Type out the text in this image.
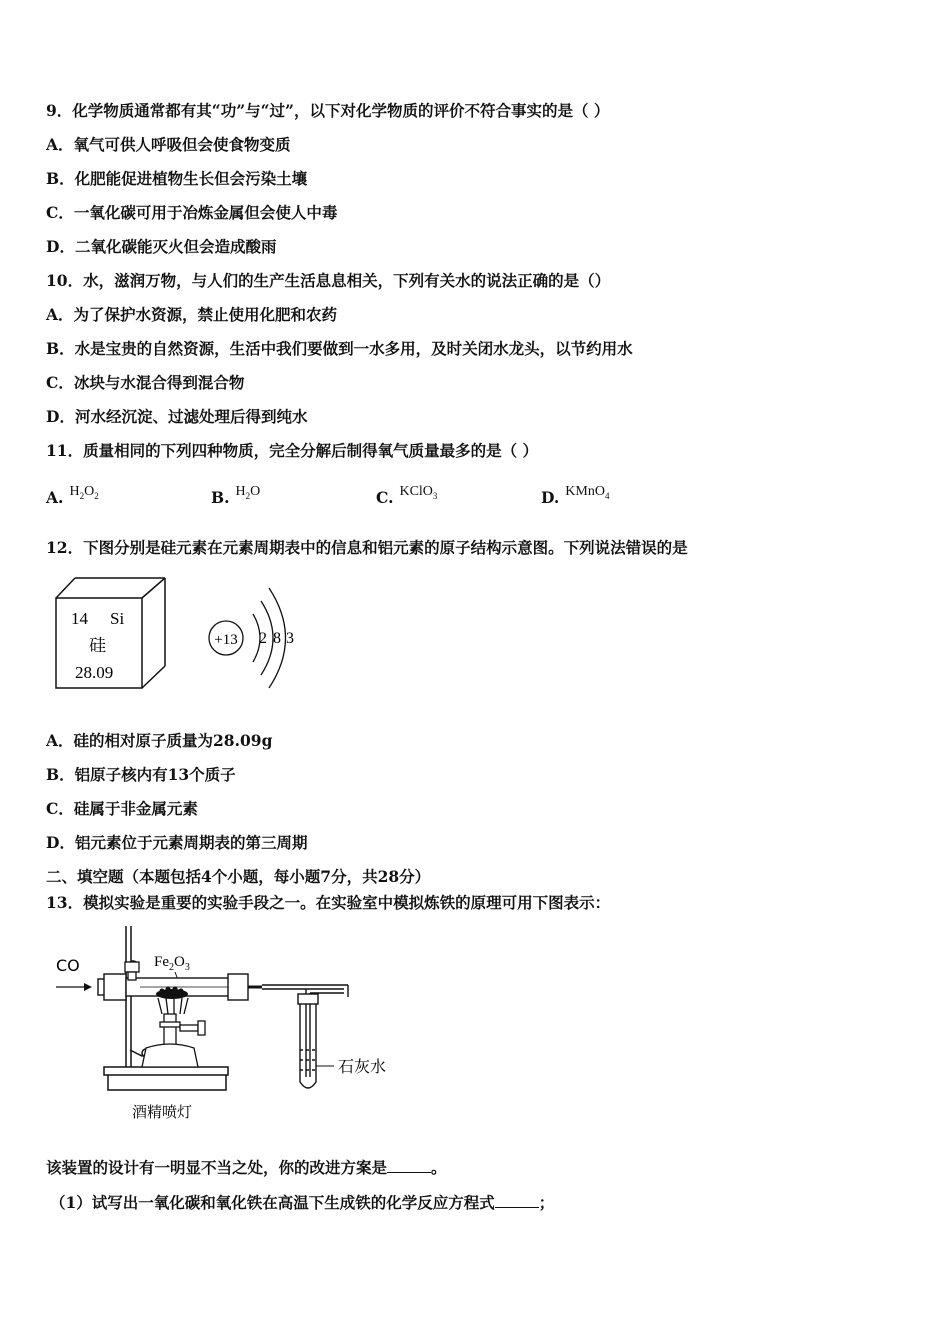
9．化学物质通常都有其“功”与“过”，以下对化学物质的评价不符合事实的是（ ）
A．氧气可供人呼吸但会使食物变质
B．化肥能促进植物生长但会污染土壤
C．一氧化碳可用于冶炼金属但会使人中毒
D．二氧化碳能灭火但会造成酸雨
10．水，滋润万物，与人们的生产生活息息相关，下列有关水的说法正确的是（）
A．为了保护水资源，禁止使用化肥和农药
B．水是宝贵的自然资源，生活中我们要做到一水多用，及时关闭水龙头，以节约用水
C．冰块与水混合得到混合物
D．河水经沉淀、过滤处理后得到纯水
11．质量相同的下列四种物质，完全分解后制得氧气质量最多的是（ ）
A. $H_2O_2$	B. $H_2O$	C. KClO$_3$	D. KMnO$_4$
12．下图分别是硅元素在元素周期表中的信息和铝元素的原子结构示意图。下列说法错误的是
14 Si
硅
28.09
+13 2 8 3
A．硅的相对原子质量为28.09g
B．铝原子核内有13个质子
C．硅属于非金属元素
D．铝元素位于元素周期表的第三周期
二、填空题（本题包括4个小题，每小题7分，共28分）
13．模拟实验是重要的实验手段之一。在实验室中模拟炼铁的原理可用下图表示：
CO	$Fe_2O_3$
酒精喷灯
石灰水
该装置的设计有一明显不当之处，你的改进方案是	。
（1）试写出一氧化碳和氧化铁在高温下生成铁的化学反应方程式	；
